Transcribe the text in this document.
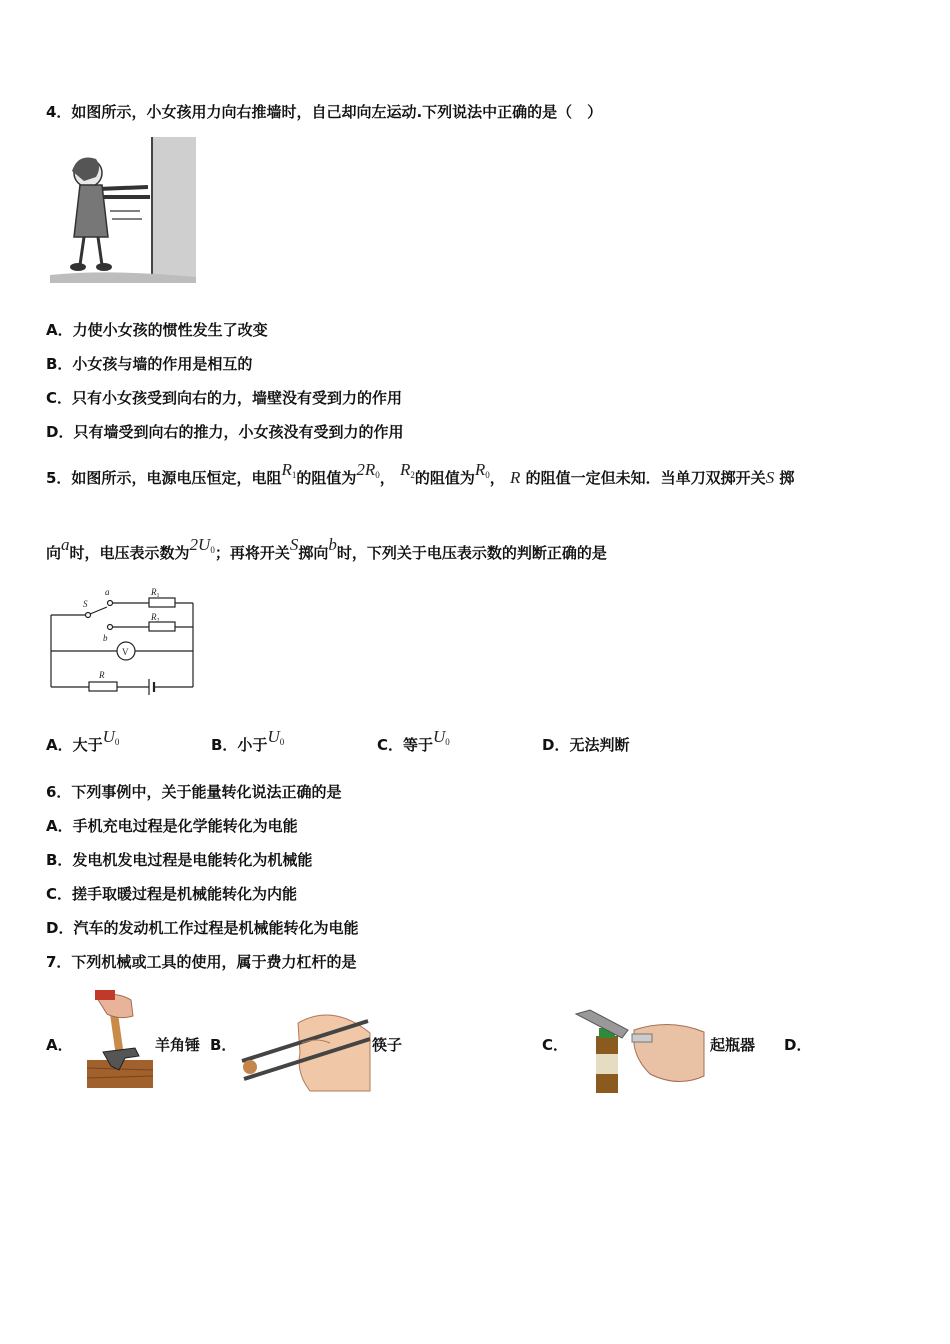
4．如图所示，小女孩用力向右推墙时，自己却向左运动.下列说法中正确的是（　）
A．力使小女孩的惯性发生了改变
B．小女孩与墙的作用是相互的
C．只有小女孩受到向右的力，墙壁没有受到力的作用
D．只有墙受到向右的推力，小女孩没有受到力的作用
5．如图所示，电源电压恒定，电阻R1的阻值为2R0， R2的阻值为R0， R 的阻值一定但未知．当单刀双掷开关S 掷
向a时，电压表示数为2U0；再将开关S掷向b时，下列关于电压表示数的判断正确的是
S
a
b
$R_1$
$R_2$
V
R
A．大于U0	B．小于U0	C．等于U0	D．无法判断
6．下列事例中，关于能量转化说法正确的是
A．手机充电过程是化学能转化为电能
B．发电机发电过程是电能转化为机械能
C．搓手取暖过程是机械能转化为内能
D．汽车的发动机工作过程是机械能转化为电能
7．下列机械或工具的使用，属于费力杠杆的是
A．	羊角锤 B．	筷子	C．	起瓶器 D．
